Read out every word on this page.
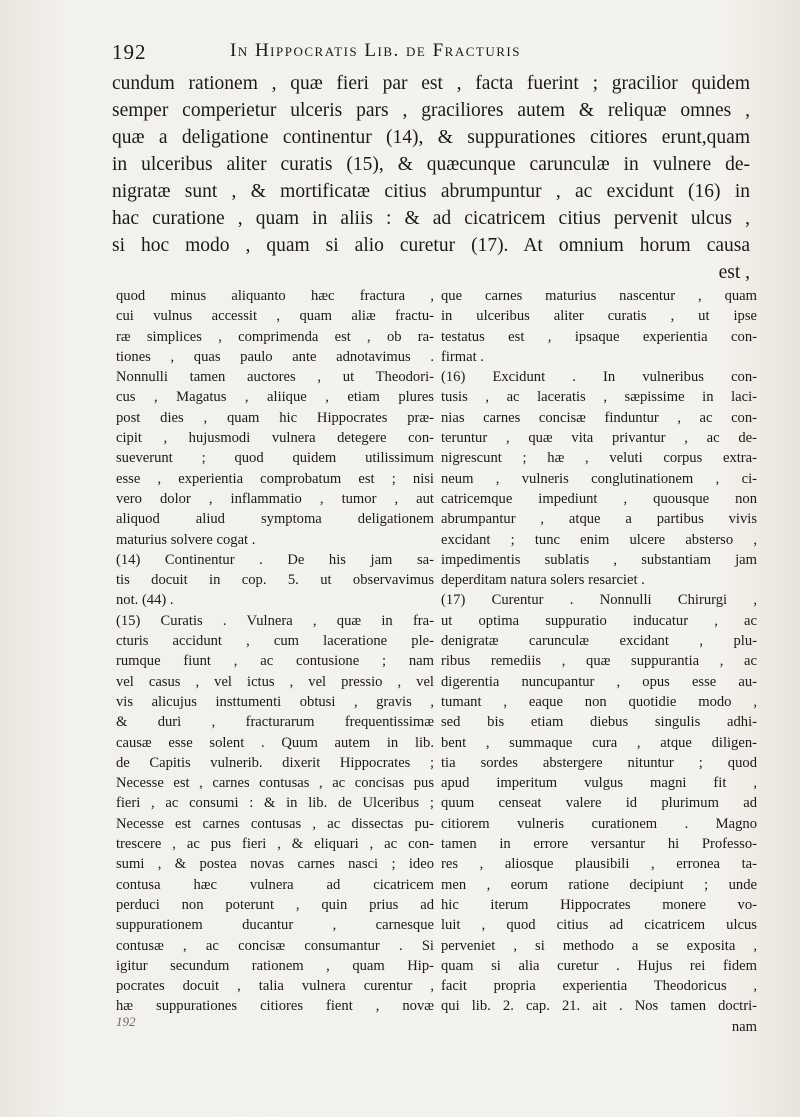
192	In Hippocratis Lib. de Fracturis
cundum rationem , quæ fieri par est , facta fuerint ; gracilior quidem
semper comperietur ulceris pars , graciliores autem & reliquæ omnes ,
quæ a deligatione continentur (14), & suppurationes citiores erunt,quam
in ulceribus aliter curatis (15), & quæcunque carunculæ in vulnere de-
nigratæ sunt , & mortificatæ citius abrumpuntur , ac excidunt (16) in
hac curatione , quam in aliis : & ad cicatricem citius pervenit ulcus ,
si hoc modo , quam si alio curetur (17). At omnium horum causa
est ,
quod minus aliquanto hæc fractura ,
cui vulnus accessit , quam aliæ fractu-
ræ simplices , comprimenda est , ob ra-
tiones , quas paulo ante adnotavimus .
Nonnulli tamen auctores , ut Theodori-
cus , Magatus , aliique , etiam plures
post dies , quam hic Hippocrates præ-
cipit , hujusmodi vulnera detegere con-
sueverunt ; quod quidem utilissimum
esse , experientia comprobatum est ; nisi
vero dolor , inflammatio , tumor , aut
aliquod aliud symptoma deligationem
maturius solvere cogat .
(14) Continentur . De his jam sa-
tis docuit in cop. 5. ut observavimus
not. (44) .
(15) Curatis . Vulnera , quæ in fra-
cturis accidunt , cum laceratione ple-
rumque fiunt , ac contusione ; nam
vel casus , vel ictus , vel pressio , vel
vis alicujus insttumenti obtusi , gravis ,
& duri , fracturarum frequentissimæ
causæ esse solent . Quum autem in lib.
de Capitis vulnerib. dixerit Hippocrates ;
Necesse est , carnes contusas , ac concisas pus
fieri , ac consumi : & in lib. de Ulceribus ;
Necesse est carnes contusas , ac dissectas pu-
trescere , ac pus fieri , & eliquari , ac con-
sumi , & postea novas carnes nasci ; ideo
contusa hæc vulnera ad cicatricem
perduci non poterunt , quin prius ad
suppurationem ducantur , carnesque
contusæ , ac concisæ consumantur . Si
igitur secundum rationem , quam Hip-
pocrates docuit , talia vulnera curentur ,
hæ suppurationes citiores fient , novæ
que carnes maturius nascentur , quam
in ulceribus aliter curatis , ut ipse
testatus est , ipsaque experientia con-
firmat .
(16) Excidunt . In vulneribus con-
tusis , ac laceratis , sæpissime in laci-
nias carnes concisæ finduntur , ac con-
teruntur , quæ vita privantur , ac de-
nigrescunt ; hæ , veluti corpus extra-
neum , vulneris conglutinationem , ci-
catricemque impediunt , quousque non
abrumpantur , atque a partibus vivis
excidant ; tunc enim ulcere absterso ,
impedimentis sublatis , substantiam jam
deperditam natura solers resarciet .
(17) Curentur . Nonnulli Chirurgi ,
ut optima suppuratio inducatur , ac
denigratæ carunculæ excidant , plu-
ribus remediis , quæ suppurantia , ac
digerentia nuncupantur , opus esse au-
tumant , eaque non quotidie modo ,
sed bis etiam diebus singulis adhi-
bent , summaque cura , atque diligen-
tia sordes abstergere nituntur ; quod
apud imperitum vulgus magni fit ,
quum censeat valere id plurimum ad
citiorem vulneris curationem . Magno
tamen in errore versantur hi Professo-
res , aliosque plausibili , erronea ta-
men , eorum ratione decipiunt ; unde
hic iterum Hippocrates monere vo-
luit , quod citius ad cicatricem ulcus
perveniet , si methodo a se exposita ,
quam si alia curetur . Hujus rei fidem
facit propria experientia Theodoricus ,
qui lib. 2. cap. 21. ait . Nos tamen doctri-
nam
192
